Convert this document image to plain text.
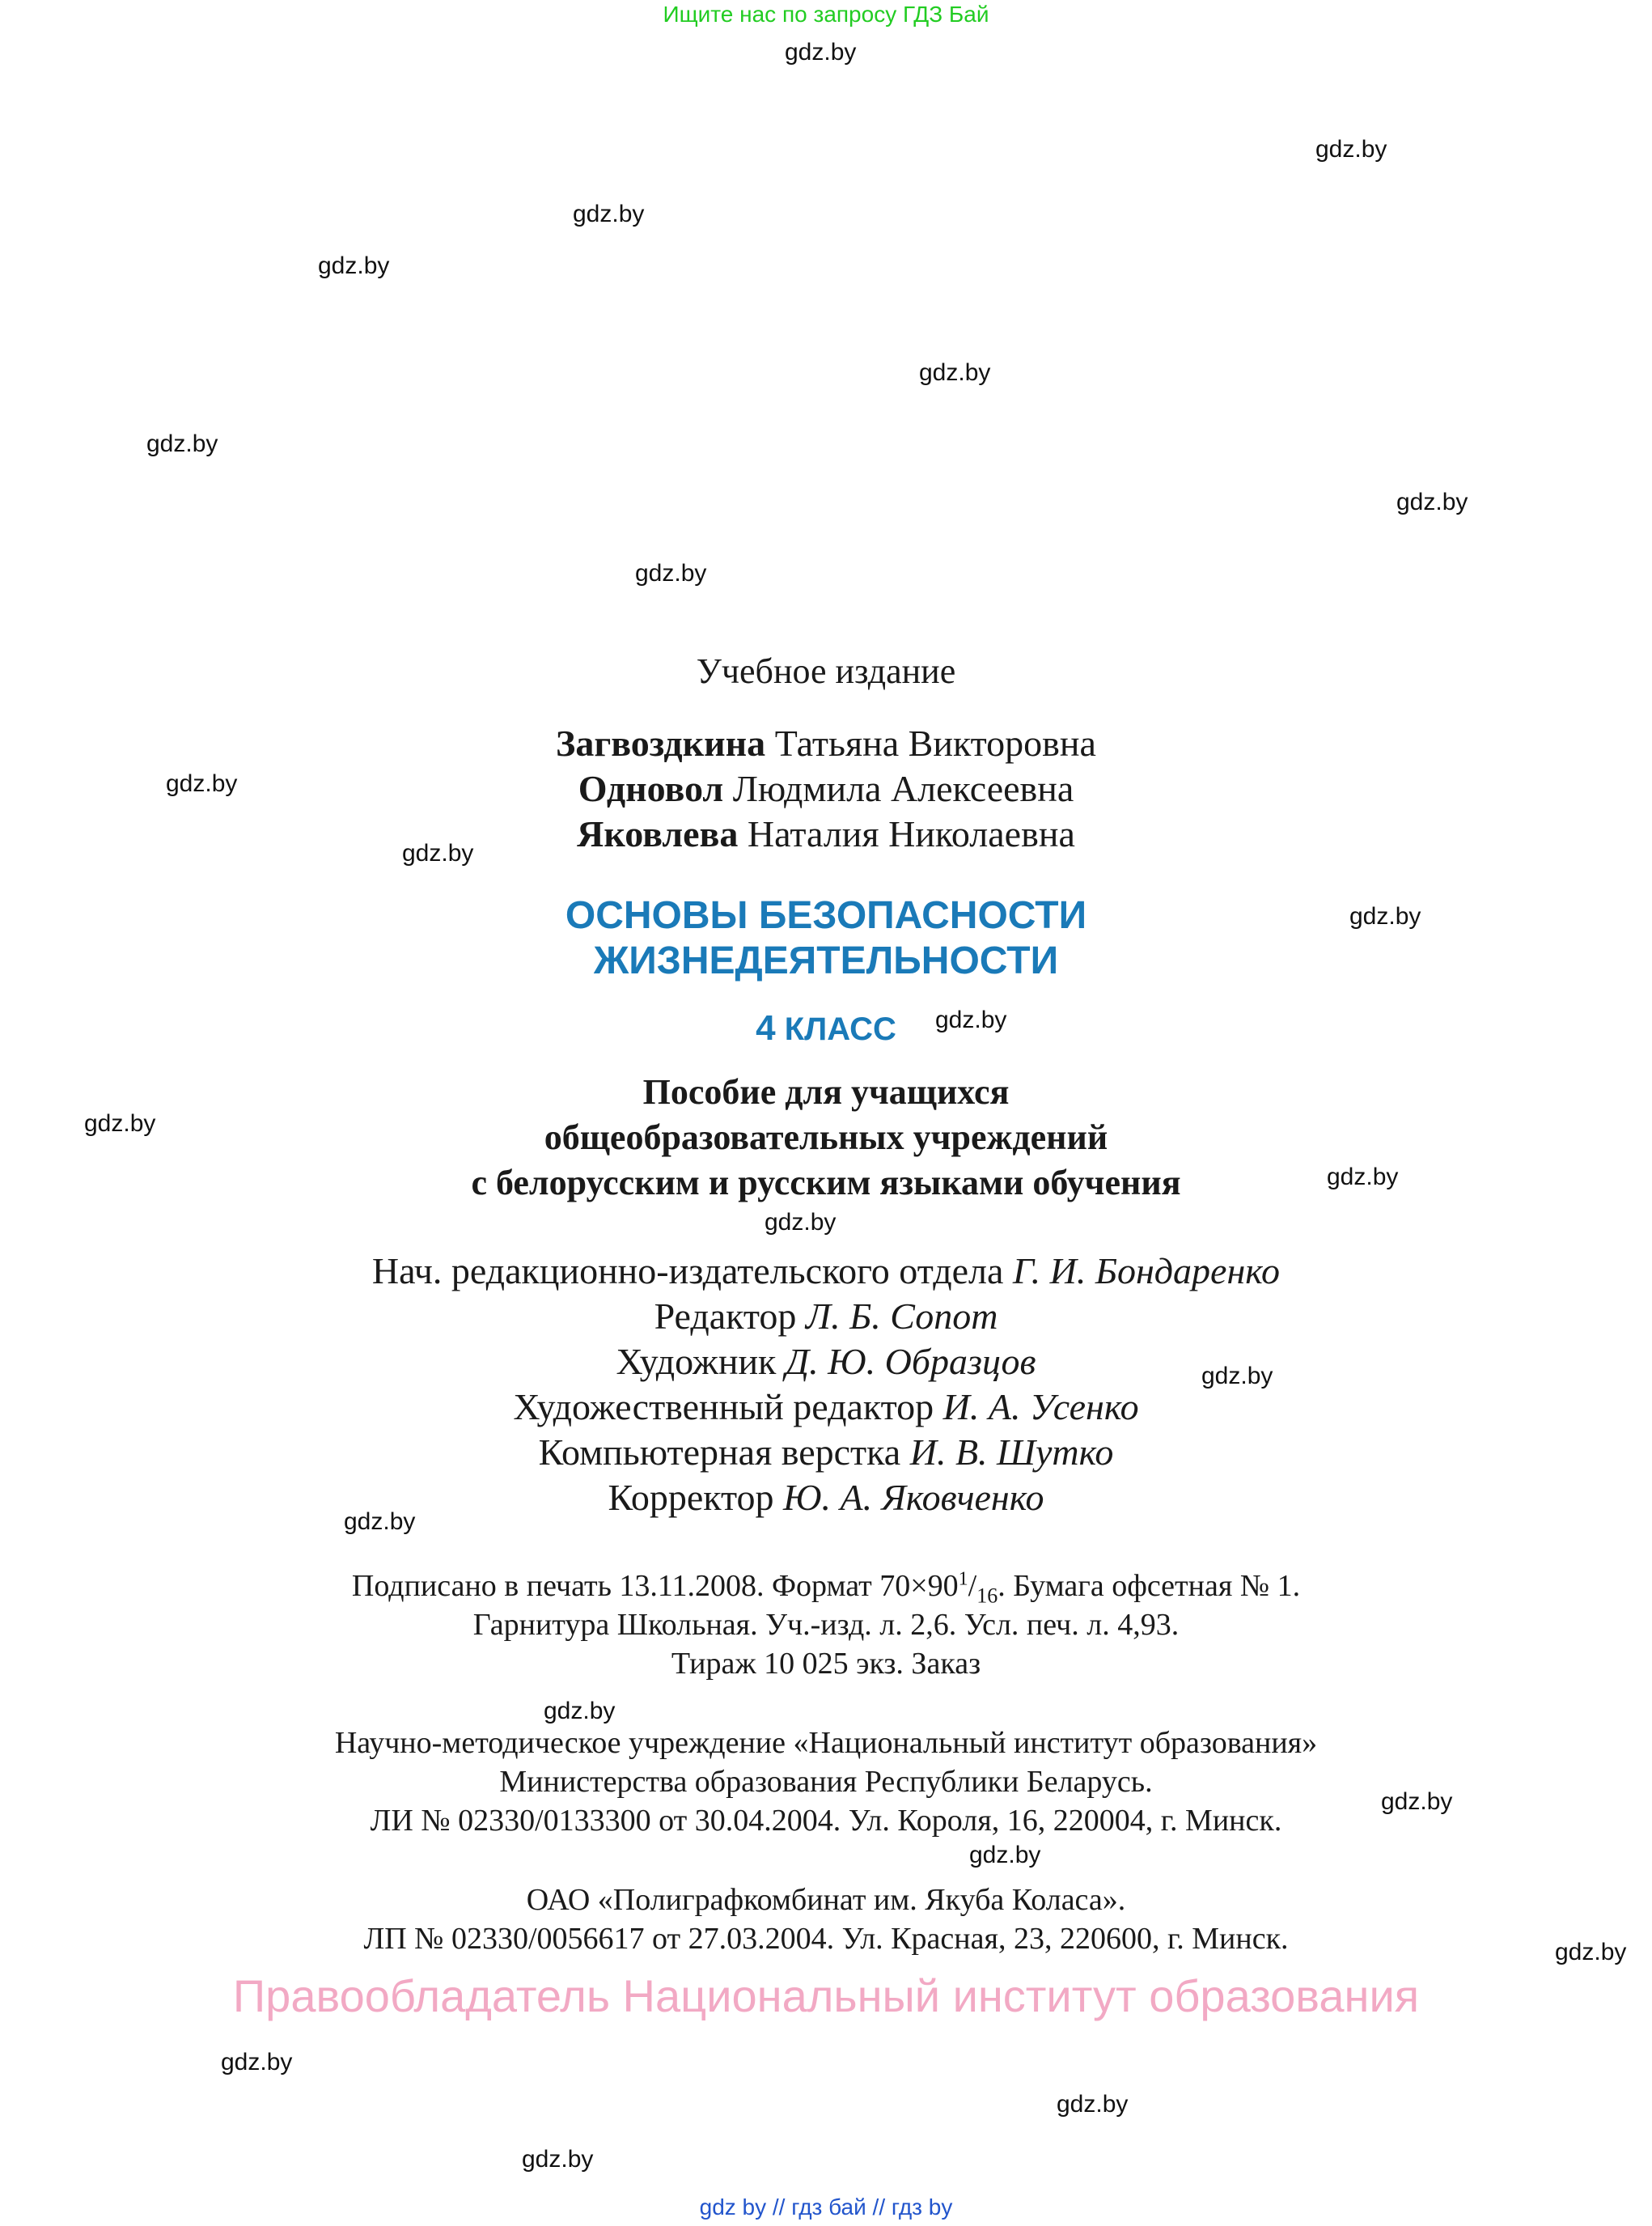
Ищите нас по запросу ГДЗ Бай
gdz.by
gdz.by
gdz.by
gdz.by
gdz.by
gdz.by
gdz.by
gdz.by
gdz.by
gdz.by
gdz.by
gdz.by
gdz.by
gdz.by
gdz.by
gdz.by
gdz.by
gdz.by
gdz.by
gdz.by
gdz.by
gdz.by
gdz.by
gdz.by
Учебное издание
Загвоздкина Татьяна Викторовна
Одновол Людмила Алексеевна
Яковлева Наталия Николаевна
ОСНОВЫ БЕЗОПАСНОСТИ
ЖИЗНЕДЕЯТЕЛЬНОСТИ
4 КЛАСС
Пособие для учащихся
общеобразовательных учреждений
с белорусским и русским языками обучения
Нач. редакционно-издательского отдела Г. И. Бондаренко
Редактор Л. Б. Сопот
Художник Д. Ю. Образцов
Художественный редактор И. А. Усенко
Компьютерная верстка И. В. Шутко
Корректор Ю. А. Яковченко
Подписано в печать 13.11.2008. Формат $70\times 90^1/_{16}$. Бумага офсетная № 1.
Гарнитура Школьная. Уч.-изд. л. 2,6. Усл. печ. л. 4,93.
Тираж 10 025 экз. Заказ
Научно-методическое учреждение «Национальный институт образования»
Министерства образования Республики Беларусь.
ЛИ № 02330/0133300 от 30.04.2004. Ул. Короля, 16, 220004, г. Минск.
ОАО «Полиграфкомбинат им. Якуба Коласа».
ЛП № 02330/0056617 от 27.03.2004. Ул. Красная, 23, 220600, г. Минск.
Правообладатель Национальный институт образования
gdz by // гдз бай // гдз by
